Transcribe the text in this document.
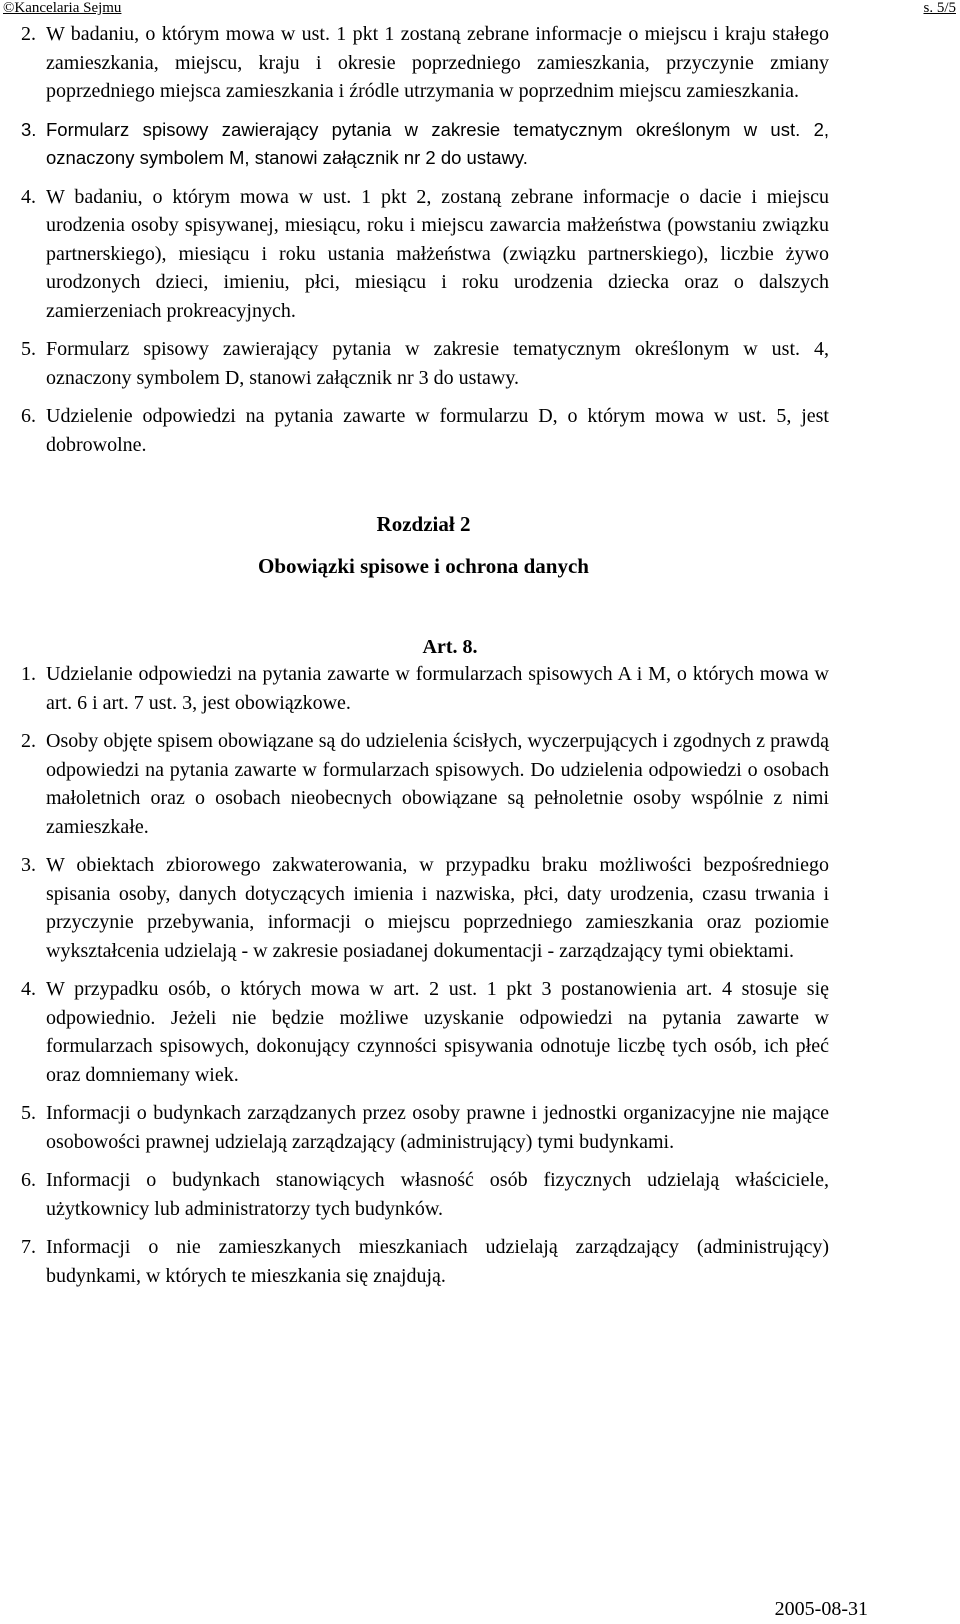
©Kancelaria Sejmu	s. 5/5

2. W badaniu, o którym mowa w ust. 1 pkt 1 zostaną zebrane informacje o miejscu i kraju stałego zamieszkania, miejscu, kraju i okresie poprzedniego zamieszkania, przyczynie zmiany poprzedniego miejsca zamieszkania i źródle utrzymania w poprzednim miejscu zamieszkania.

3. Formularz spisowy zawierający pytania w zakresie tematycznym określonym w ust. 2, oznaczony symbolem M, stanowi załącznik nr 2 do ustawy.

4. W badaniu, o którym mowa w ust. 1 pkt 2, zostaną zebrane informacje o dacie i miejscu urodzenia osoby spisywanej, miesiącu, roku i miejscu zawarcia małżeństwa (powstaniu związku partnerskiego), miesiącu i roku ustania małżeństwa (związku partnerskiego), liczbie żywo urodzonych dzieci, imieniu, płci, miesiącu i roku urodzenia dziecka oraz o dalszych zamierzeniach prokreacyjnych.

5. Formularz spisowy zawierający pytania w zakresie tematycznym określonym w ust. 4, oznaczony symbolem D, stanowi załącznik nr 3 do ustawy.

6. Udzielenie odpowiedzi na pytania zawarte w formularzu D, o którym mowa w ust. 5, jest dobrowolne.

Rozdział 2
Obowiązki spisowe i ochrona danych
Art. 8.

1. Udzielanie odpowiedzi na pytania zawarte w formularzach spisowych A i M, o których mowa w art. 6 i art. 7 ust. 3, jest obowiązkowe.

2. Osoby objęte spisem obowiązane są do udzielenia ścisłych, wyczerpujących i zgodnych z prawdą odpowiedzi na pytania zawarte w formularzach spisowych. Do udzielenia odpowiedzi o osobach małoletnich oraz o osobach nieobecnych obowiązane są pełnoletnie osoby wspólnie z nimi zamieszkałe.

3. W obiektach zbiorowego zakwaterowania, w przypadku braku możliwości bezpośredniego spisania osoby, danych dotyczących imienia i nazwiska, płci, daty urodzenia, czasu trwania i przyczynie przebywania, informacji o miejscu poprzedniego zamieszkania oraz poziomie wykształcenia udzielają - w zakresie posiadanej dokumentacji - zarządzający tymi obiektami.

4. W przypadku osób, o których mowa w art. 2 ust. 1 pkt 3 postanowienia art. 4 stosuje się odpowiednio. Jeżeli nie będzie możliwe uzyskanie odpowiedzi na pytania zawarte w formularzach spisowych, dokonujący czynności spisywania odnotuje liczbę tych osób, ich płeć oraz domniemany wiek.

5. Informacji o budynkach zarządzanych przez osoby prawne i jednostki organizacyjne nie mające osobowości prawnej udzielają zarządzający (administrujący) tymi budynkami.

6. Informacji o budynkach stanowiących własność osób fizycznych udzielają właściciele, użytkownicy lub administratorzy tych budynków.

7. Informacji o nie zamieszkanych mieszkaniach udzielają zarządzający (administrujący) budynkami, w których te mieszkania się znajdują.

2005-08-31
